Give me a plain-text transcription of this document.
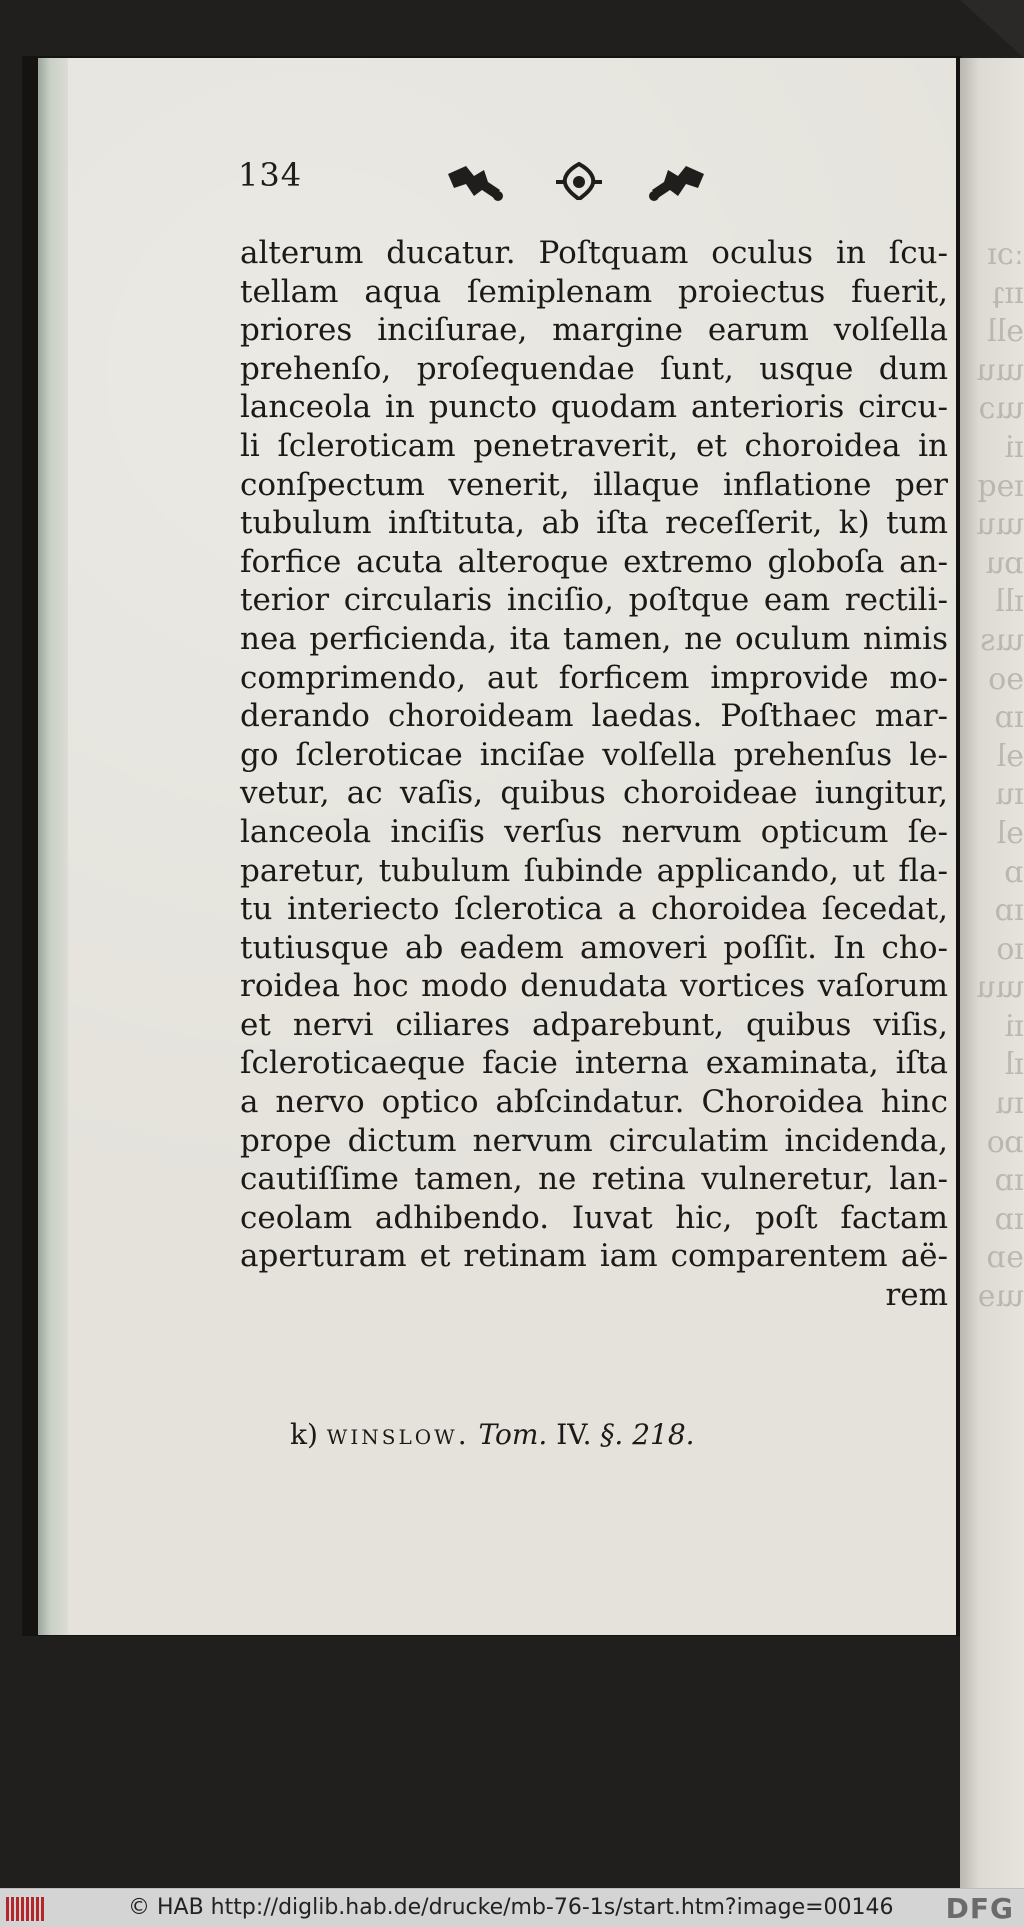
ːɔɪ
ɪɪʇ
ɘll
ɯu
ɯɔ
ɪi
ɪɘq
ɯu
ɒu
ɪll
ɯs
ɘo
ɪɒ
ɘl
ɪu
ɘl
ɒ
ɪɒ
ɪo
ɯu
ɪi
ɪl
ɪu
ɒo
ɪɒ
ɪɒ
ɘɒ
ɯɘ
134
alterum ducatur. Poſtquam oculus in ſcu-
tellam aqua ſemiplenam proiectus fuerit,
priores inciſurae, margine earum volſella
prehenſo, proſequendae ſunt, usque dum
lanceola in puncto quodam anterioris circu-
li ſcleroticam penetraverit, et choroidea in
conſpectum venerit, illaque inflatione per
tubulum inſtituta, ab iſta receſſerit, k) tum
forfice acuta alteroque extremo globoſa an-
terior circularis inciſio, poſtque eam rectili-
nea perficienda, ita tamen, ne oculum nimis
comprimendo, aut forficem improvide mo-
derando choroideam laedas. Poſthaec mar-
go ſcleroticae inciſae volſella prehenſus le-
vetur, ac vaſis, quibus choroideae iungitur,
lanceola inciſis verſus nervum opticum ſe-
paretur, tubulum ſubinde applicando, ut fla-
tu interiecto ſclerotica a choroidea ſecedat,
tutiusque ab eadem amoveri poſſit. In cho-
roidea hoc modo denudata vortices vaſorum
et nervi ciliares adparebunt, quibus viſis,
ſcleroticaeque facie interna examinata, iſta
a nervo optico abſcindatur. Choroidea hinc
prope dictum nervum circulatim incidenda,
cautiſſime tamen, ne retina vulneretur, lan-
ceolam adhibendo. Iuvat hic, poſt factam
aperturam et retinam iam comparentem aë-
rem
k) winslow. Tom. IV. §. 218.
© HAB http://diglib.hab.de/drucke/mb-76-1s/start.htm?image=00146 DFG
